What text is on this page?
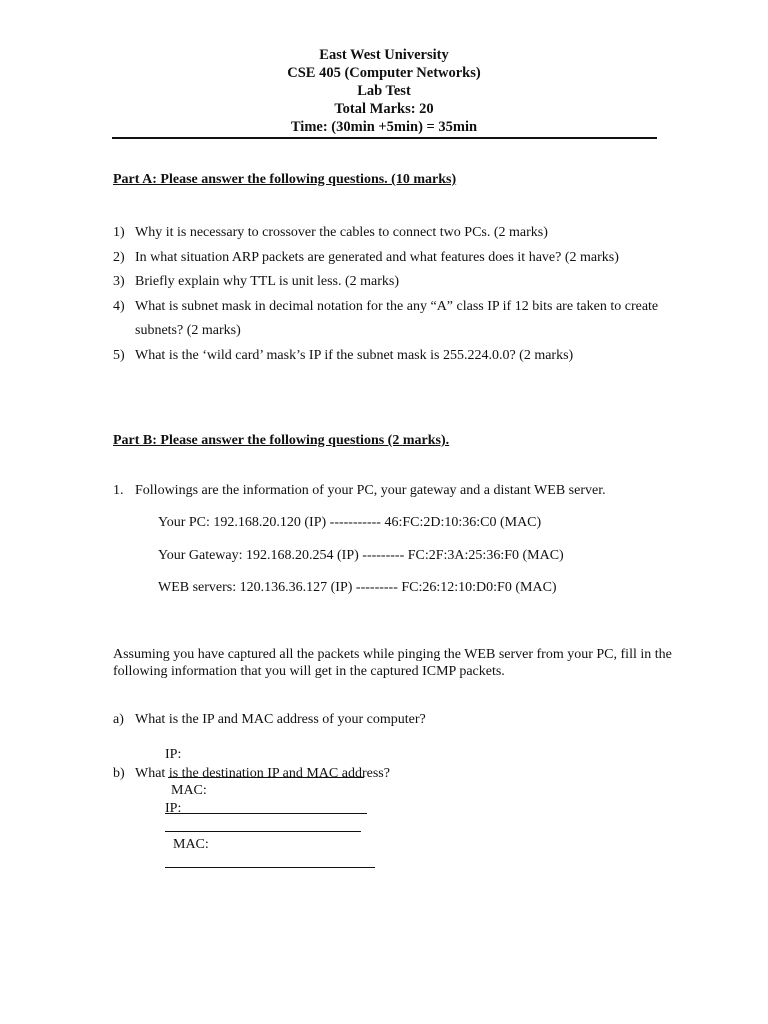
East West University
CSE 405 (Computer Networks)
Lab Test
Total Marks: 20
Time: (30min +5min) = 35min
Part A: Please answer the following questions. (10 marks)
1) Why it is necessary to crossover the cables to connect two PCs. (2 marks)
2) In what situation ARP packets are generated and what features does it have? (2 marks)
3) Briefly explain why TTL is unit less. (2 marks)
4) What is subnet mask in decimal notation for the any “A” class IP if 12 bits are taken to create subnets? (2 marks)
5) What is the ‘wild card’ mask’s IP if the subnet mask is 255.224.0.0? (2 marks)
Part B: Please answer the following questions (2 marks).
1. Followings are the information of your PC, your gateway and a distant WEB server.
Your PC: 192.168.20.120 (IP) ----------- 46:FC:2D:10:36:C0 (MAC)
Your Gateway: 192.168.20.254 (IP) --------- FC:2F:3A:25:36:F0 (MAC)
WEB servers: 120.136.36.127 (IP) --------- FC:26:12:10:D0:F0 (MAC)
Assuming you have captured all the packets while pinging the WEB server from your PC, fill in the following information that you will get in the captured ICMP packets.
a) What is the IP and MAC address of your computer?

IP:

MAC:

b) What is the destination IP and MAC address?

IP:

MAC:
